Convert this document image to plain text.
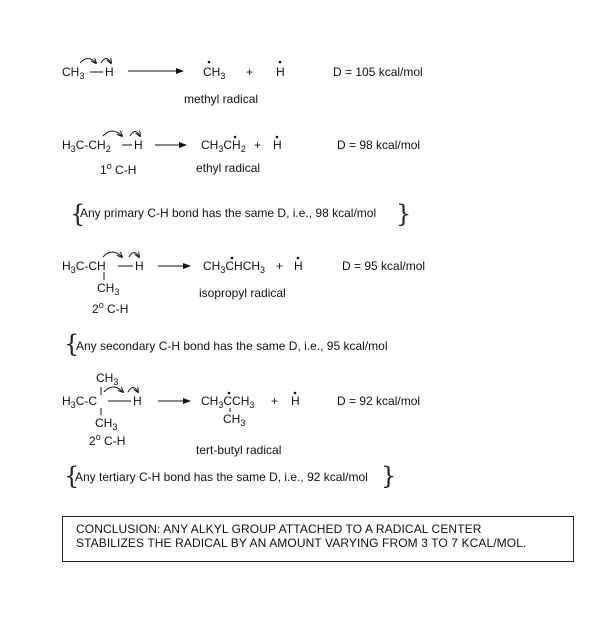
$CH_3$ H	$CH_3 + H$	D = 105 kcal/mol
methyl radical
$H_3C-CH_2$ H	$CH_3CH_2 + H$	D = 98 kcal/mol
1$^o$ C-H	ethyl radical
{
Any primary C-H bond has the same D, i.e., 98 kcal/mol }
$H_3C-CH$ H
$CH_3$
$CH_3CHCH_3 + H$	D = 95 kcal/mol
isopropyl radical
2$^o$ C-H
{
Any secondary C-H bond has the same D, i.e., 95 kcal/mol
$CH_3$
$H_3C-C$	H
$CH_3$
$CH_3CCH_3$
$CH_3$
+ H	D = 92 kcal/mol
2$^o$ C-H
tert-butyl radical
{
Any tertiary C-H bond has the same D, i.e., 92 kcal/mol }
CONCLUSION: ANY ALKYL GROUP ATTACHED TO A RADICAL CENTER
STABILIZES THE RADICAL BY AN AMOUNT VARYING FROM 3 TO 7 KCAL/MOL.
